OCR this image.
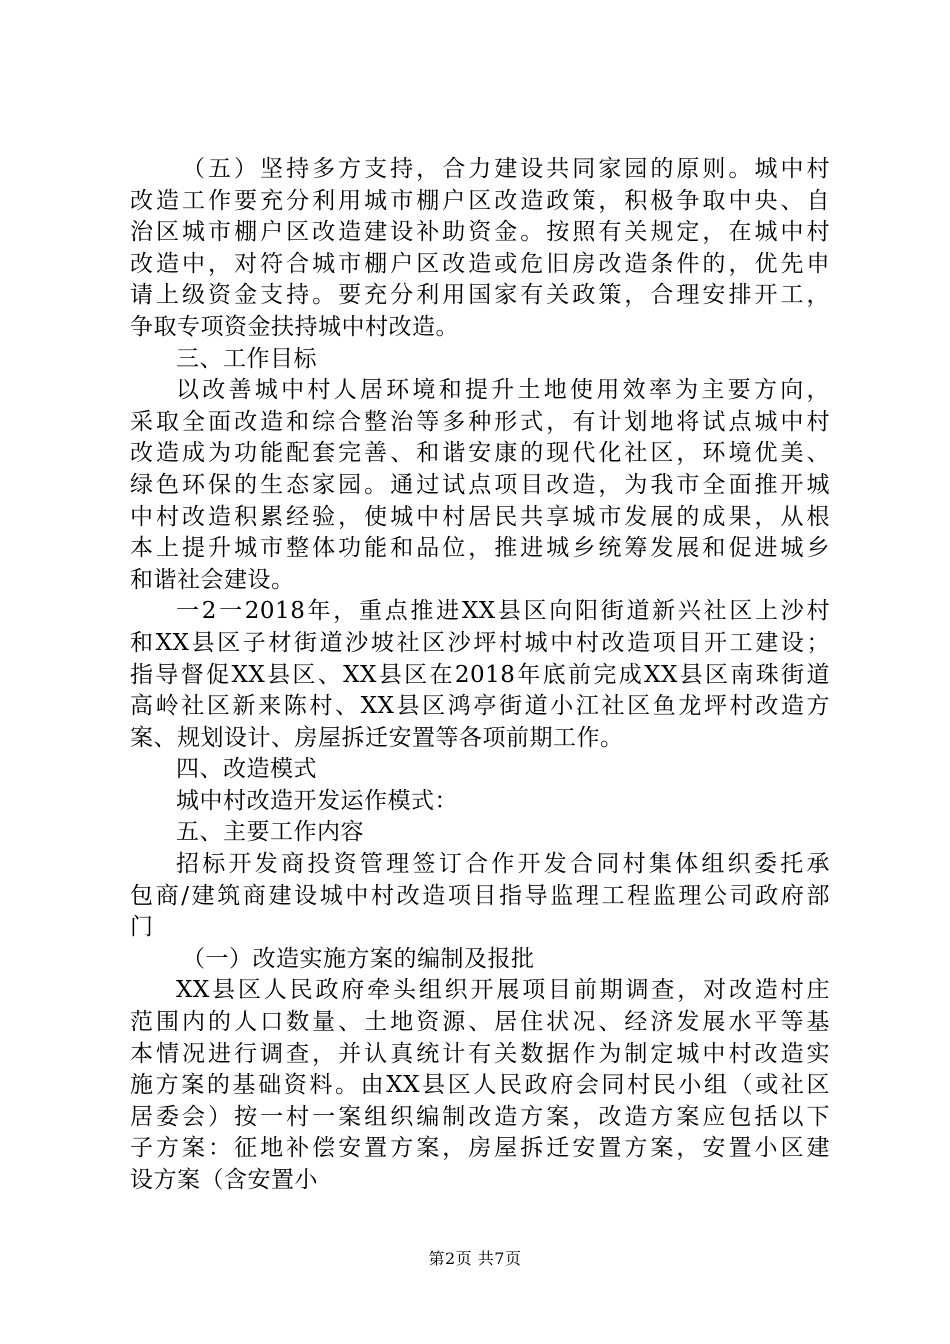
（五）坚持多方支持，合力建设共同家园的原则。城中村
改造工作要充分利用城市棚户区改造政策，积极争取中央、自
治区城市棚户区改造建设补助资金。按照有关规定，在城中村
改造中，对符合城市棚户区改造或危旧房改造条件的，优先申
请上级资金支持。要充分利用国家有关政策，合理安排开工，
争取专项资金扶持城中村改造。
三、工作目标
以改善城中村人居环境和提升土地使用效率为主要方向，
采取全面改造和综合整治等多种形式，有计划地将试点城中村
改造成为功能配套完善、和谐安康的现代化社区，环境优美、
绿色环保的生态家园。通过试点项目改造，为我市全面推开城
中村改造积累经验，使城中村居民共享城市发展的成果，从根
本上提升城市整体功能和品位，推进城乡统筹发展和促进城乡
和谐社会建设。
一2一2018年，重点推进XX县区向阳街道新兴社区上沙村
和XX县区子材街道沙坡社区沙坪村城中村改造项目开工建设；
指导督促XX县区、XX县区在2018年底前完成XX县区南珠街道
高岭社区新来陈村、XX县区鸿亭街道小江社区鱼龙坪村改造方
案、规划设计、房屋拆迁安置等各项前期工作。
四、改造模式
城中村改造开发运作模式：
五、主要工作内容
招标开发商投资管理签订合作开发合同村集体组织委托承
包商/建筑商建设城中村改造项目指导监理工程监理公司政府部
门
（一）改造实施方案的编制及报批
XX县区人民政府牵头组织开展项目前期调查，对改造村庄
范围内的人口数量、土地资源、居住状况、经济发展水平等基
本情况进行调查，并认真统计有关数据作为制定城中村改造实
施方案的基础资料。由XX县区人民政府会同村民小组（或社区
居委会）按一村一案组织编制改造方案，改造方案应包括以下
子方案：征地补偿安置方案，房屋拆迁安置方案，安置小区建
设方案（含安置小
第2页 共7页
